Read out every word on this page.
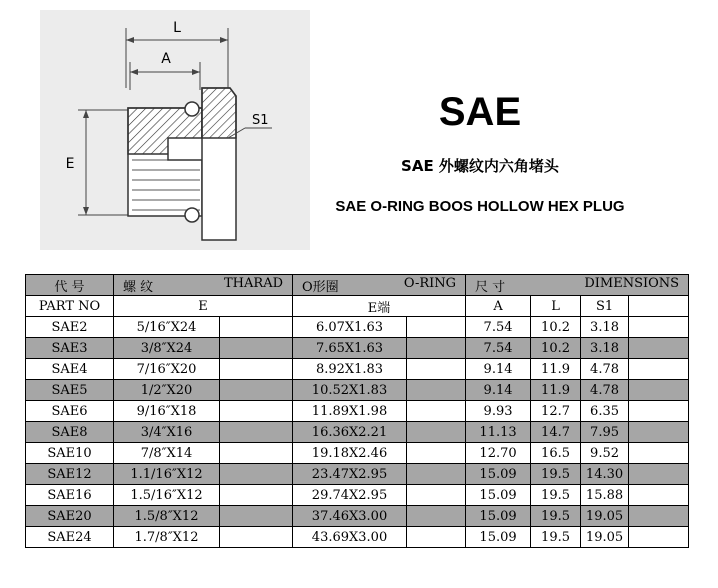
L
A
E
S1	SAE
SAE 外螺纹内六角堵头
SAE O-RING BOOS HOLLOW HEX PLUG
代 号	螺 纹 THARAD		O形圈 O-RING		尺 寸 DIMENSIONS			

PART NO	E		E端		A	L	S1	
SAE2	5/16″X24		6.07X1.63		7.54	10.2	3.18	
SAE3	3/8″X24		7.65X1.63		7.54	10.2	3.18	
SAE4	7/16″X20		8.92X1.83		9.14	11.9	4.78	
SAE5	1/2″X20		10.52X1.83		9.14	11.9	4.78	
SAE6	9/16″X18		11.89X1.98		9.93	12.7	6.35	
SAE8	3/4″X16		16.36X2.21		11.13	14.7	7.95	
SAE10	7/8″X14		19.18X2.46		12.70	16.5	9.52	
SAE12	1.1/16″X12		23.47X2.95		15.09	19.5	14.30	
SAE16	1.5/16″X12		29.74X2.95		15.09	19.5	15.88	
SAE20	1.5/8″X12		37.46X3.00		15.09	19.5	19.05	
SAE24	1.7/8″X12		43.69X3.00		15.09	19.5	19.05	
